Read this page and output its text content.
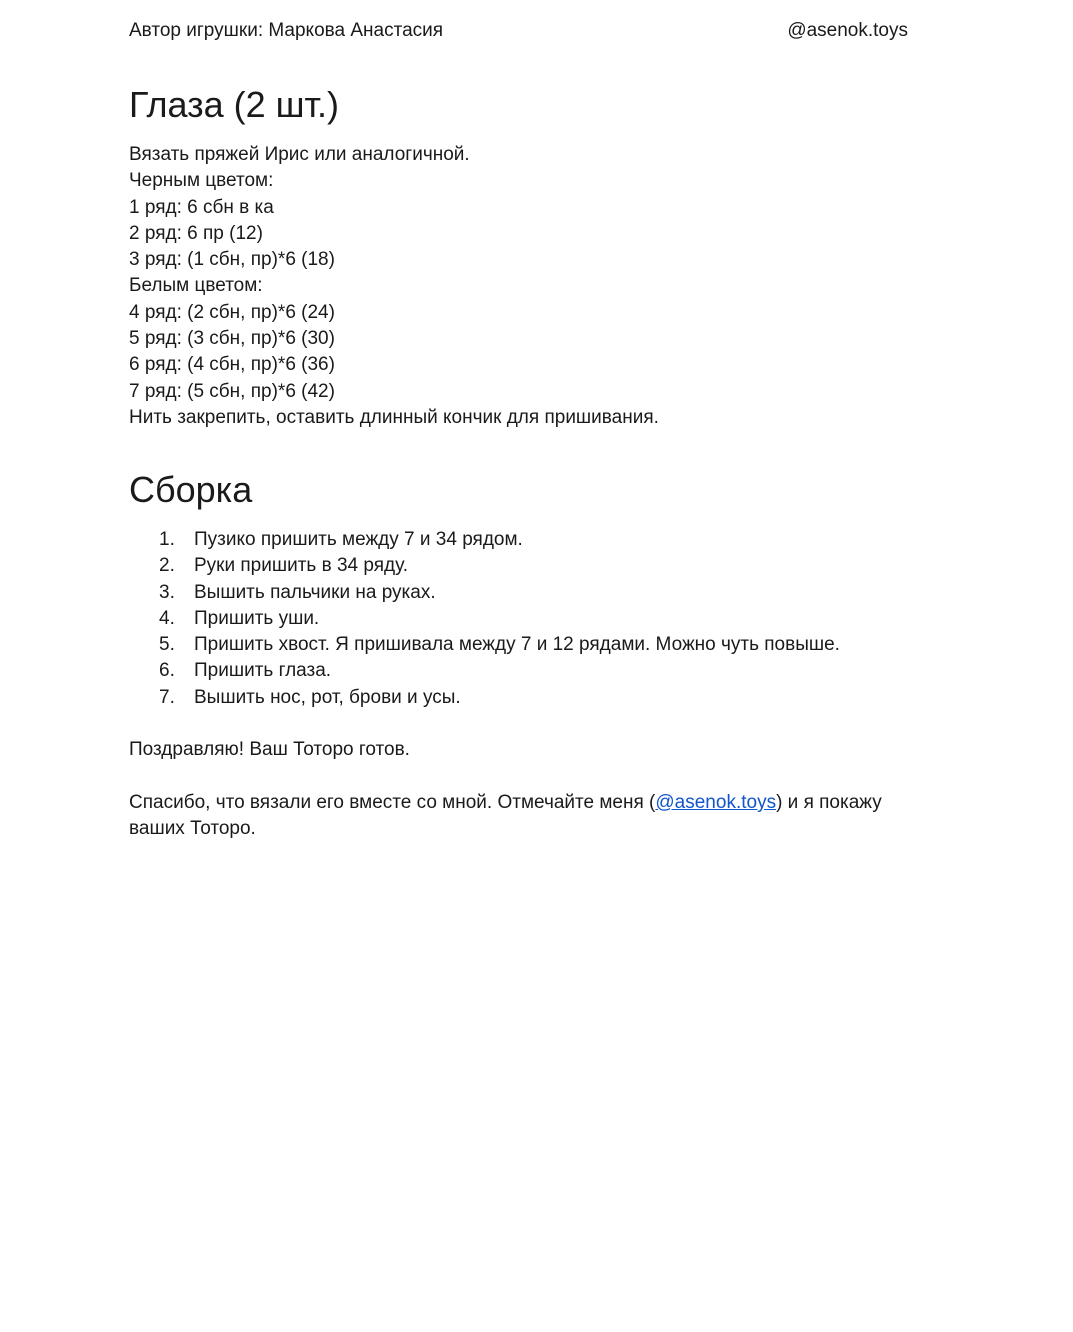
Автор игрушки: Маркова Анастасия	@asenok.toys
Глаза (2 шт.)
Вязать пряжей Ирис или аналогичной.
Черным цветом:
1 ряд: 6 сбн в ка
2 ряд: 6 пр (12)
3 ряд: (1 сбн, пр)*6 (18)
Белым цветом:
4 ряд: (2 сбн, пр)*6 (24)
5 ряд: (3 сбн, пр)*6 (30)
6 ряд: (4 сбн, пр)*6 (36)
7 ряд: (5 сбн, пр)*6 (42)
Нить закрепить, оставить длинный кончик для пришивания.
Сборка
1.	Пузико пришить между 7 и 34 рядом.
2.	Руки пришить в 34 ряду.
3.	Вышить пальчики на руках.
4.	Пришить уши.
5.	Пришить хвост. Я пришивала между 7 и 12 рядами. Можно чуть повыше.
6.	Пришить глаза.
7.	Вышить нос, рот, брови и усы.
Поздравляю! Ваш Тоторо готов.
Спасибо, что вязали его вместе со мной. Отмечайте меня (@asenok.toys) и я покажу
ваших Тоторо.
